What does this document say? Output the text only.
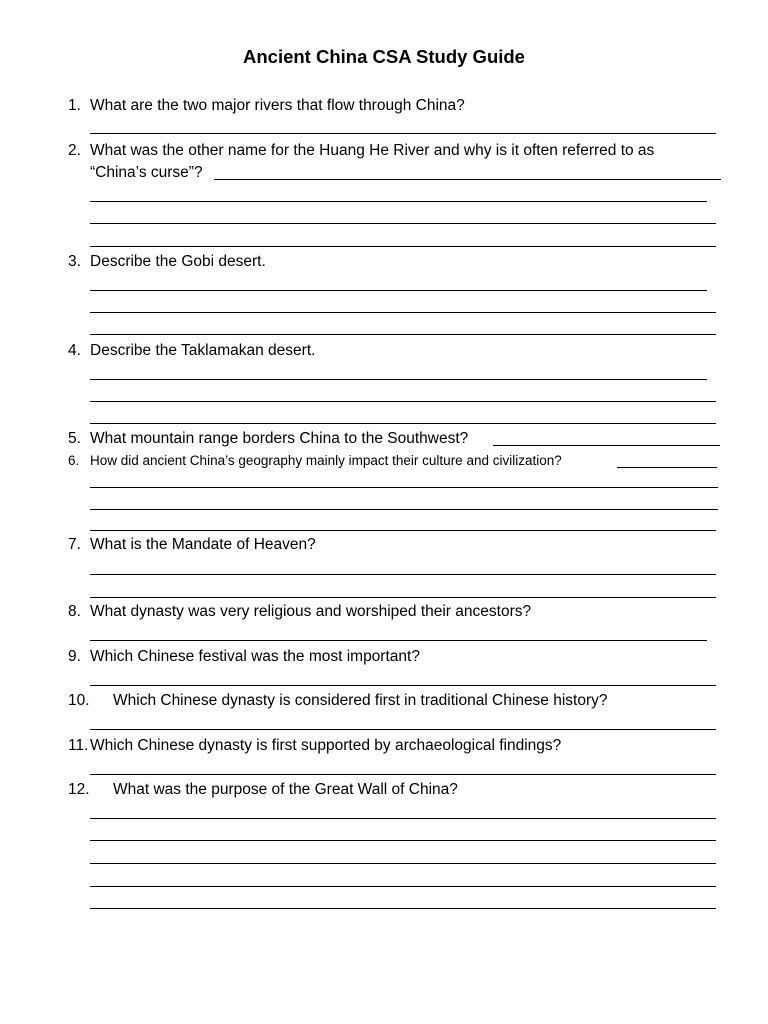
Ancient China CSA Study Guide
1. What are the two major rivers that flow through China?
2. What was the other name for the Huang He River and why is it often referred to as
“China’s curse”?
3. Describe the Gobi desert.
4. Describe the Taklamakan desert.
5. What mountain range borders China to the Southwest?
6. How did ancient China’s geography mainly impact their culture and civilization?
7. What is the Mandate of Heaven?
8. What dynasty was very religious and worshiped their ancestors?
9. Which Chinese festival was the most important?
10. Which Chinese dynasty is considered first in traditional Chinese history?
11. Which Chinese dynasty is first supported by archaeological findings?
12. What was the purpose of the Great Wall of China?
